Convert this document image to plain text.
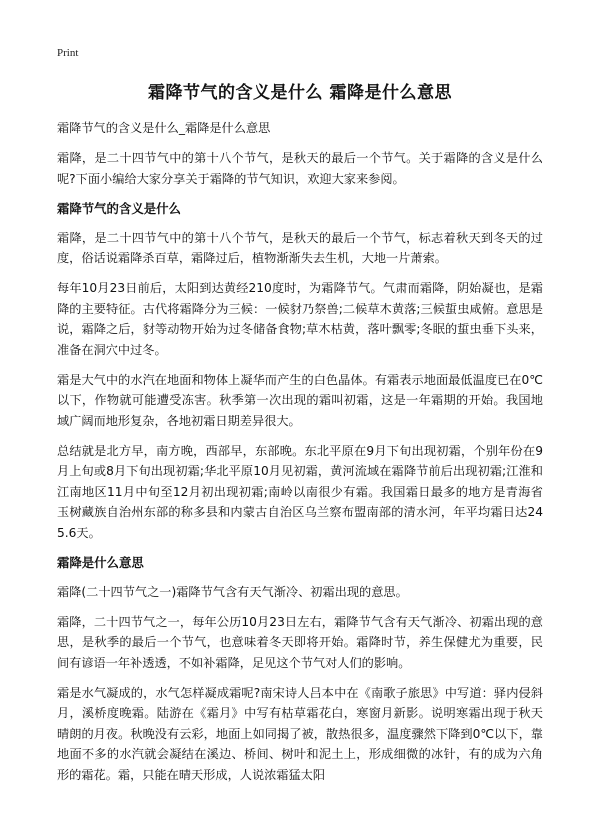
Print
霜降节气的含义是什么 霜降是什么意思

霜降节气的含义是什么_霜降是什么意思

霜降，是二十四节气中的第十八个节气，是秋天的最后一个节气。关于霜降的含义是什么呢?下面小编给大家分享关于霜降的节气知识，欢迎大家来参阅。

霜降节气的含义是什么

霜降，是二十四节气中的第十八个节气，是秋天的最后一个节气，标志着秋天到冬天的过度，俗话说霜降杀百草，霜降过后，植物渐渐失去生机，大地一片萧索。

每年10月23日前后，太阳到达黄经210度时，为霜降节气。气肃而霜降，阴始凝也，是霜降的主要特征。古代将霜降分为三候：一候豺乃祭兽;二候草木黄落;三候蜇虫咸俯。意思是说，霜降之后，豺等动物开始为过冬储备食物;草木枯黄，落叶飘零;冬眠的蜇虫垂下头来，准备在洞穴中过冬。

霜是大气中的水汽在地面和物体上凝华而产生的白色晶体。有霜表示地面最低温度已在0℃以下，作物就可能遭受冻害。秋季第一次出现的霜叫初霜，这是一年霜期的开始。我国地域广阔而地形复杂，各地初霜日期差异很大。

总结就是北方早，南方晚，西部早，东部晚。东北平原在9月下旬出现初霜，个别年份在9月上旬或8月下旬出现初霜;华北平原10月见初霜，黄河流域在霜降节前后出现初霜;江淮和江南地区11月中旬至12月初出现初霜;南岭以南很少有霜。我国霜日最多的地方是青海省玉树藏族自治州东部的称多县和内蒙古自治区乌兰察布盟南部的清水河，年平均霜日达245.6天。

霜降是什么意思

霜降(二十四节气之一)霜降节气含有天气渐冷、初霜出现的意思。

霜降，二十四节气之一，每年公历10月23日左右，霜降节气含有天气渐冷、初霜出现的意思，是秋季的最后一个节气，也意味着冬天即将开始。霜降时节，养生保健尤为重要，民间有谚语一年补透透，不如补霜降，足见这个节气对人们的影响。

霜是水气凝成的，水气怎样凝成霜呢?南宋诗人吕本中在《南歌子旅思》中写道：驿内侵斜月，溪桥度晚霜。陆游在《霜月》中写有枯草霜花白，寒窗月新影。说明寒霜出现于秋天晴朗的月夜。秋晚没有云彩，地面上如同揭了被，散热很多，温度骤然下降到0℃以下，靠地面不多的水汽就会凝结在溪边、桥间、树叶和泥土上，形成细微的冰针，有的成为六角形的霜花。霜，只能在晴天形成，人说浓霜猛太阳
